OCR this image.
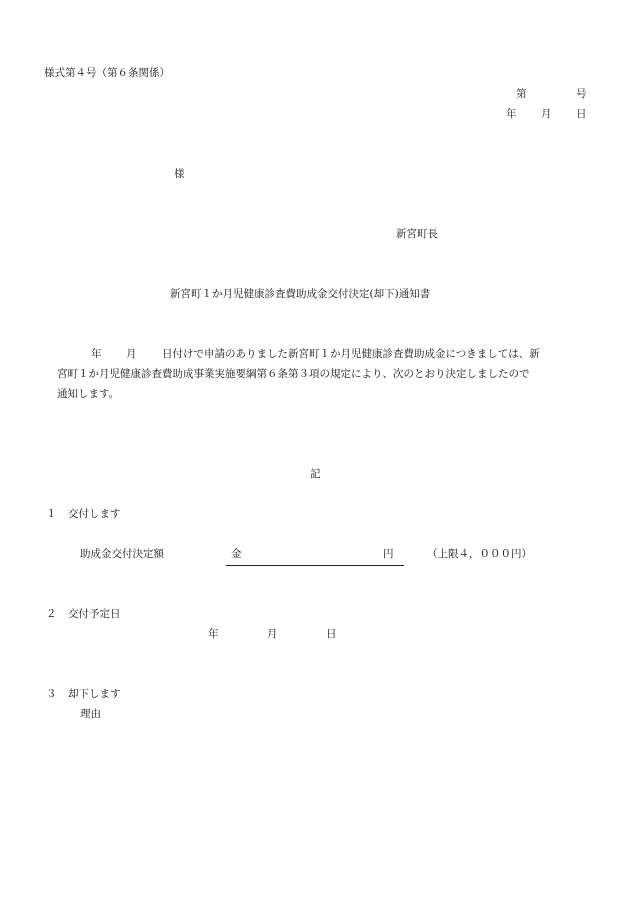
様式第４号（第６条関係）
第	号
年 月 日
様
新宮町長
新宮町１か月児健康診査費助成金交付決定(却下)通知書
年 月 日付けで申請のありました新宮町１か月児健康診査費助成金につきましては、新
宮町１か月児健康診査費助成事業実施要綱第６条第３項の規定により、次のとおり決定しましたので
通知します。
記
１ 交付します
助成金交付決定額	金	円	（上限４，０００円）
２ 交付予定日
年	月	日
３ 却下します
理由
